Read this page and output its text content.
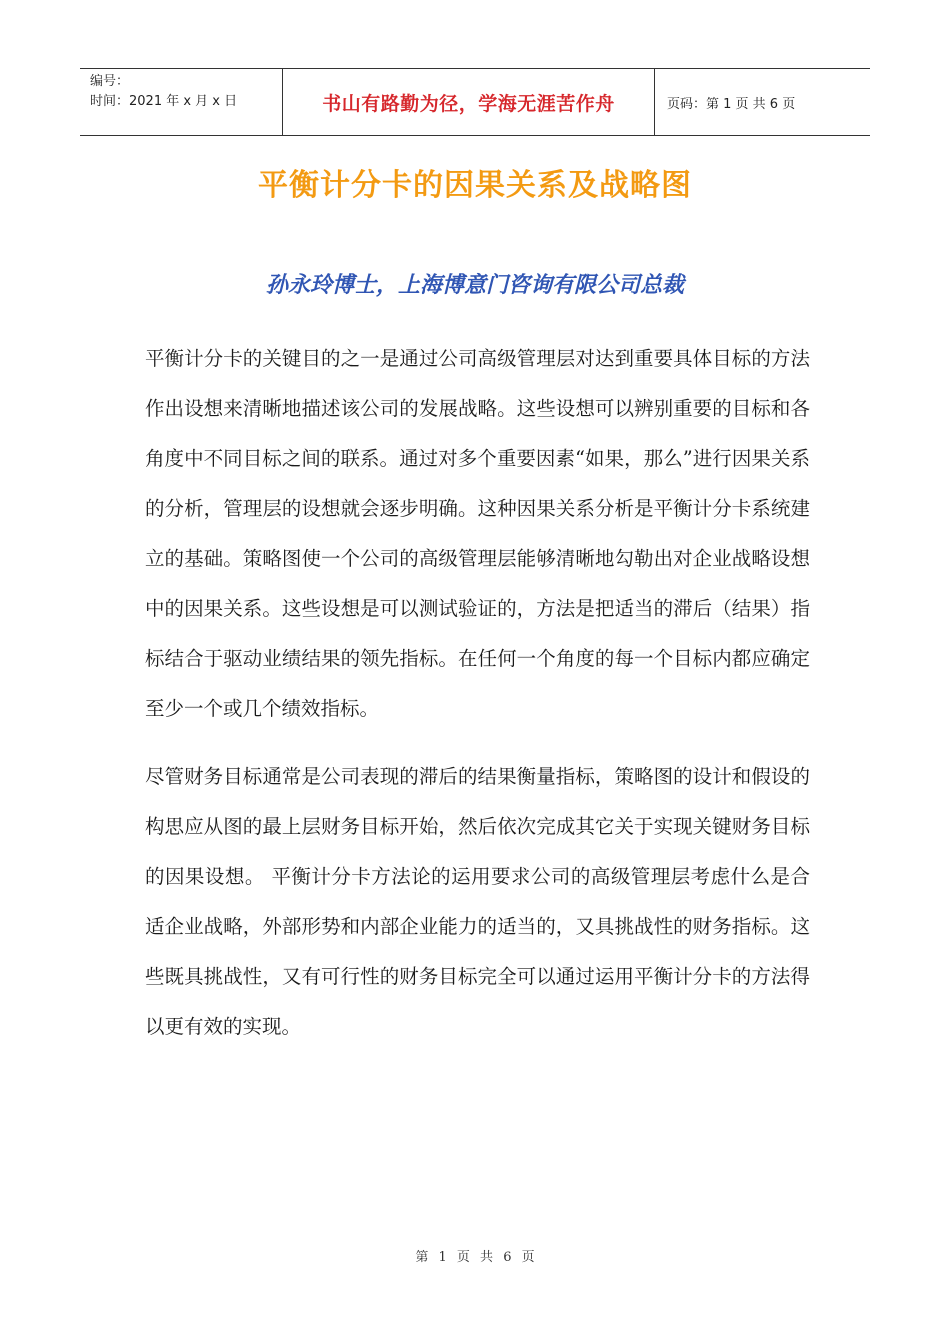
编号：
时间：2021 年 x 月 x 日	书山有路勤为径，学海无涯苦作舟	页码：第 1 页 共 6 页
平衡计分卡的因果关系及战略图
孙永玲博士，上海博意门咨询有限公司总裁

平衡计分卡的关键目的之一是通过公司高级管理层对达到重要具体目标的方法作出设想来清晰地描述该公司的发展战略。这些设想可以辨别重要的目标和各角度中不同目标之间的联系。通过对多个重要因素“如果，那么”进行因果关系的分析，管理层的设想就会逐步明确。这种因果关系分析是平衡计分卡系统建立的基础。策略图使一个公司的高级管理层能够清晰地勾勒出对企业战略设想中的因果关系。这些设想是可以测试验证的，方法是把适当的滞后（结果）指标结合于驱动业绩结果的领先指标。在任何一个角度的每一个目标内都应确定至少一个或几个绩效指标。

尽管财务目标通常是公司表现的滞后的结果衡量指标，策略图的设计和假设的构思应从图的最上层财务目标开始，然后依次完成其它关于实现关键财务目标的因果设想。 平衡计分卡方法论的运用要求公司的高级管理层考虑什么是合适企业战略，外部形势和内部企业能力的适当的，又具挑战性的财务指标。这些既具挑战性，又有可行性的财务目标完全可以通过运用平衡计分卡的方法得以更有效的实现。

第 1 页 共 6 页
